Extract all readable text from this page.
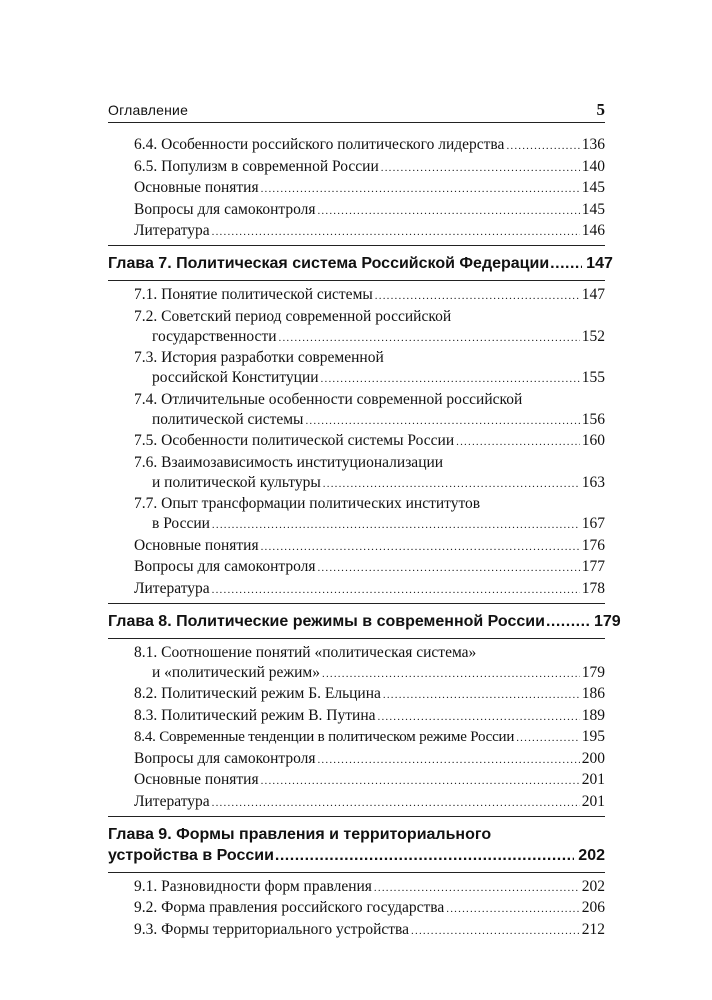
Оглавление	5
6.4. Особенности российского политического лидерства .....	136
6.5. Популизм в современной России .....	140
Основные понятия .....	145
Вопросы для самоконтроля .....	145
Литература .....	146
Глава 7. Политическая система Российской Федерации ..... 147
7.1. Понятие политической системы .....	147
7.2. Советский период современной российской
государственности .....	152
7.3. История разработки современной
российской Конституции .....	155
7.4. Отличительные особенности современной российской
политической системы .....	156
7.5. Особенности политической системы России .....	160
7.6. Взаимозависимость институционализации
и политической культуры .....	163
7.7. Опыт трансформации политических институтов
в России .....	167
Основные понятия .....	176
Вопросы для самоконтроля .....	177
Литература .....	178
Глава 8. Политические режимы в современной России .....	179
8.1. Соотношение понятий «политическая система»
и «политический режим» .....	179
8.2. Политический режим Б. Ельцина .....	186
8.3. Политический режим В. Путина .....	189
8.4. Современные тенденции в политическом режиме России .....	195
Вопросы для самоконтроля .....	200
Основные понятия .....	201
Литература .....	201
Глава 9. Формы правления и территориального
устройства в России .....	202
9.1. Разновидности форм правления .....	202
9.2. Форма правления российского государства .....	206
9.3. Формы территориального устройства .....	212
